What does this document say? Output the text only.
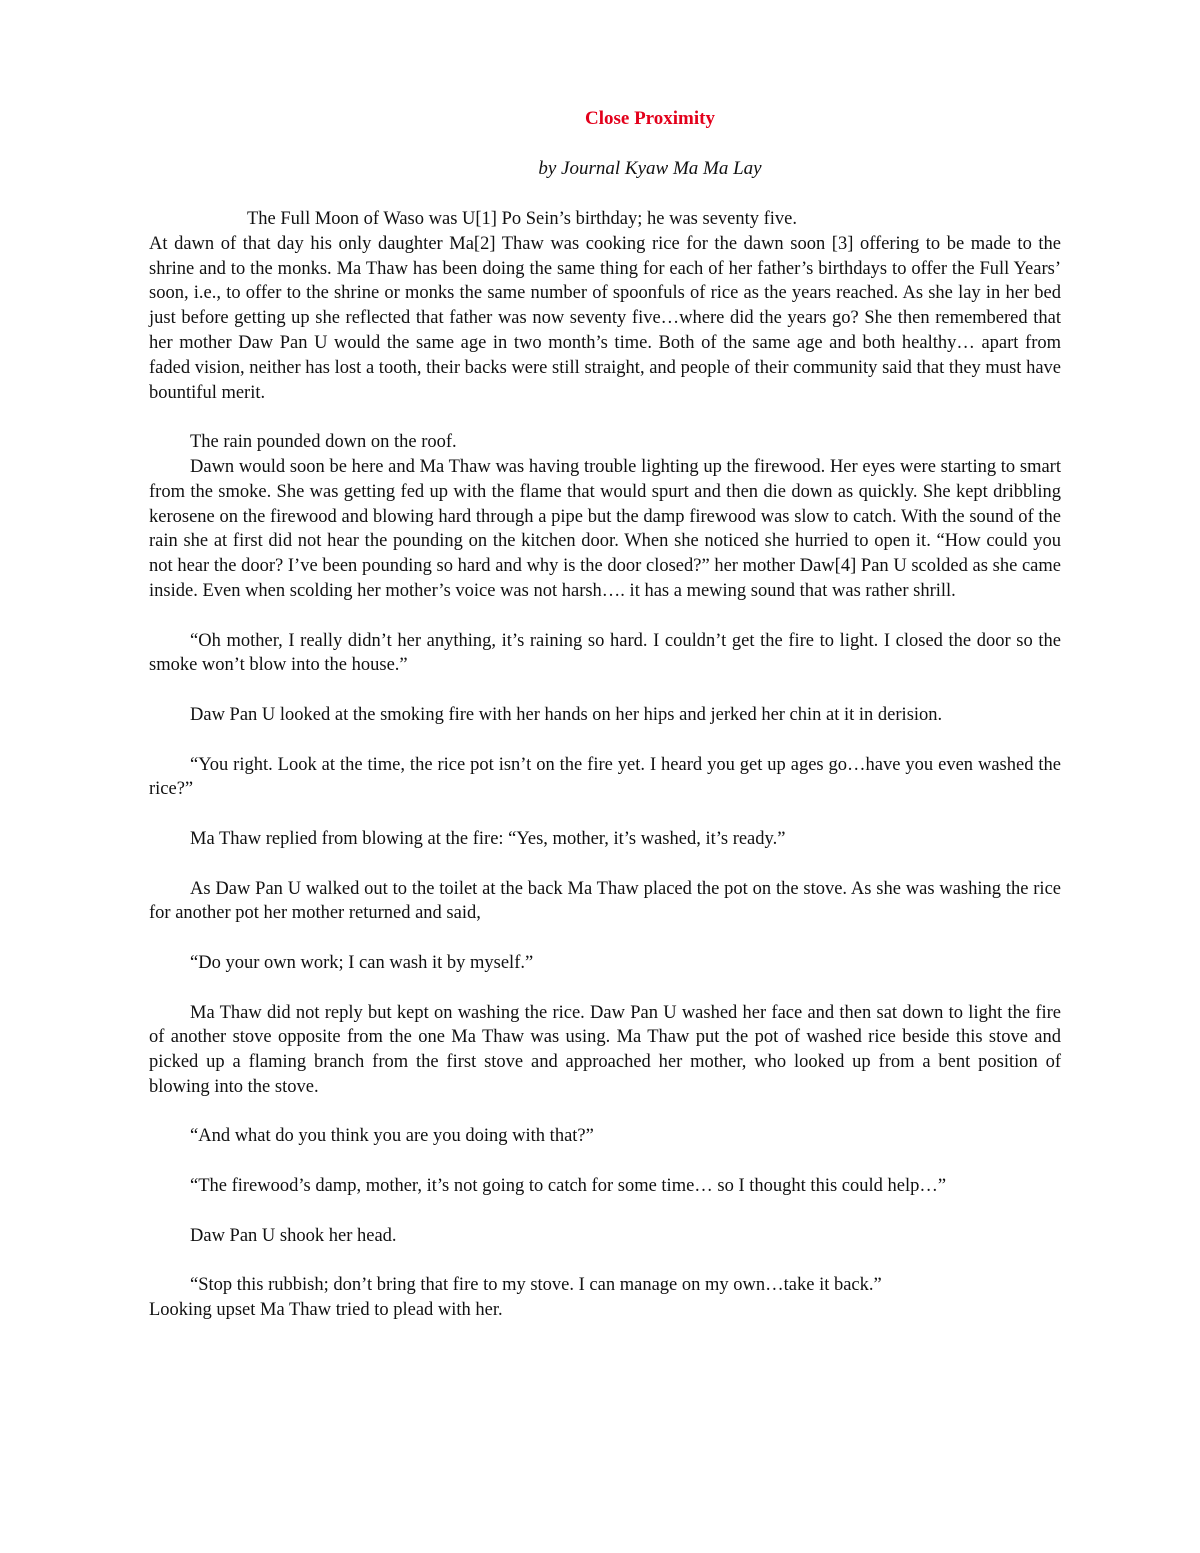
Close Proximity

by Journal Kyaw Ma Ma Lay

The Full Moon of Waso was U[1] Po Sein’s birthday; he was seventy five.

At dawn of that day his only daughter Ma[2] Thaw was cooking rice for the dawn soon [3] offering to be made to the shrine and to the monks. Ma Thaw has been doing the same thing for each of her father’s birthdays to offer the Full Years’ soon, i.e., to offer to the shrine or monks the same number of spoonfuls of rice as the years reached. As she lay in her bed just before getting up she reflected that father was now seventy five…where did the years go? She then remembered that her mother Daw Pan U would the same age in two month’s time. Both of the same age and both healthy… apart from faded vision, neither has lost a tooth, their backs were still straight, and people of their community said that they must have bountiful merit.

The rain pounded down on the roof.

Dawn would soon be here and Ma Thaw was having trouble lighting up the firewood. Her eyes were starting to smart from the smoke. She was getting fed up with the flame that would spurt and then die down as quickly. She kept dribbling kerosene on the firewood and blowing hard through a pipe but the damp firewood was slow to catch. With the sound of the rain she at first did not hear the pounding on the kitchen door. When she noticed she hurried to open it. “How could you not hear the door? I’ve been pounding so hard and why is the door closed?” her mother Daw[4] Pan U scolded as she came inside. Even when scolding her mother’s voice was not harsh…. it has a mewing sound that was rather shrill.

“Oh mother, I really didn’t her anything, it’s raining so hard. I couldn’t get the fire to light. I closed the door so the smoke won’t blow into the house.”

Daw Pan U looked at the smoking fire with her hands on her hips and jerked her chin at it in derision.

“You right. Look at the time, the rice pot isn’t on the fire yet. I heard you get up ages go…have you even washed the rice?”

Ma Thaw replied from blowing at the fire: “Yes, mother, it’s washed, it’s ready.”

As Daw Pan U walked out to the toilet at the back Ma Thaw placed the pot on the stove. As she was washing the rice for another pot her mother returned and said,

“Do your own work; I can wash it by myself.”

Ma Thaw did not reply but kept on washing the rice. Daw Pan U washed her face and then sat down to light the fire of another stove opposite from the one Ma Thaw was using. Ma Thaw put the pot of washed rice beside this stove and picked up a flaming branch from the first stove and approached her mother, who looked up from a bent position of blowing into the stove.

“And what do you think you are you doing with that?”

“The firewood’s damp, mother, it’s not going to catch for some time… so I thought this could help…”

Daw Pan U shook her head.

“Stop this rubbish; don’t bring that fire to my stove. I can manage on my own…take it back.”

Looking upset Ma Thaw tried to plead with her.
